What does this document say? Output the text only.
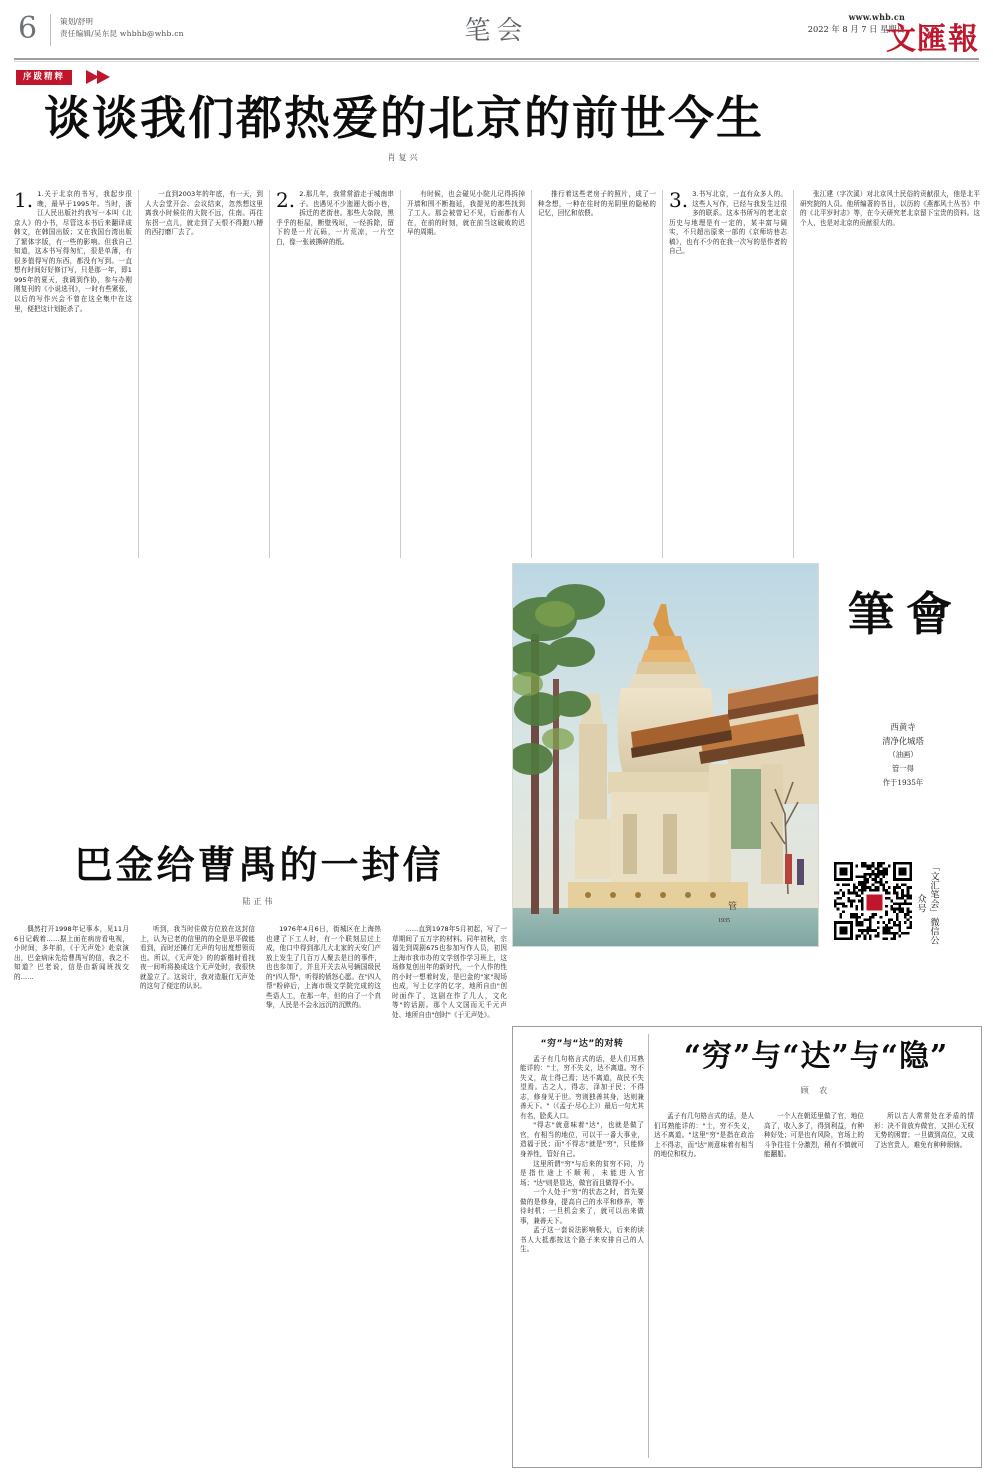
6	策划/舒明
责任编辑/吴东昆 whbhb@whb.cn	笔会	www.whb.cn
2022 年 8 月 7 日 星期日
文匯報
序跋精粹
谈谈我们都热爱的北京的前世今生
肖复兴

1. 1.关于北京的书写，我起步很晚，最早于1995年。当时，浙江人民出版社约我写一本叫《北京人》的小书，尽管这本书后来翻译成韩文，在韩国出版；又在我国台湾出版了繁体字版，有一些的影响。但我自己知道，这本书写得匆忙，很是单薄，有很多值得写的东西，都没有写到。一直想有时间好好修订写，只是那一年，即1995年的夏天，我调到作协，参与办刚刚复刊的《小说选刊》，一时有些紧张，以后的写作兴会不曾在这全集中在这里，便把这计划扼杀了。

一直到2003年的年底，有一天，到人大会堂开会、会议结束，忽然想这里离我小时候住的大院不远，住南。再往东拐一点儿，就走到了天恨不得跑八糟的西打磨厂去了。

2. 2.那几年，我常常游走于城南串子。也遇见不少迤逦大街小巷，拆迁的老街巷。那些大杂院，黑乎乎的柜屋，断壁残垣，一经拆除，留下的是一片瓦砾，一片荒凉，一片空白，像一张被撕碎的纸。

有时候，也会碰见小院儿记得拆掉开墙和围不断拖延，我提见的那些找到了工人。那会被曾记不见，后面都有人在，在前的时刻，就在前当这破败的迟早的周期。

推行着这些老房子的照片，成了一种念想，一种在往时的光阴里的隐秘的记忆，回忆和依偎。

3. 3.书写北京，一直有众多人的。这些人写作，已经与我发生过很多的联系。这本书所写的老北京历史与地理是有一定的，某丰富与阔实，不只超出原来一部的《京师坊巷志稿》，也有不少的在我一次写的是作者的自己。

张江建（字次溪）对北京风土民俗的贡献很大，他是北平研究院的人员。他所编著的书目，以历的《燕都风土丛书》中的《北平岁时志》等，在今天研究老北京留下宝贵的资料。这个人，也是对北京的贡献很大的。

管
1935
筆會
西黄寺
清净化城塔
（油画）
管一得
作于1935年
「文汇笔会」微信公众号
巴金给曹禺的一封信
陆正伟

偶然打开1998年记事本，见11月6日记载着……据上面在病房看电视，小时间，多年前，《于无声处》赴京演出，巴金病床先给曹禺写的信，我之不知道？巴老说，信是由新闻班找交的……

听到，我当时住做方位放在这封信上，认为已老的信里的的全是思平做能看到，而时还摊仃无声的句出度想领页也。所以，《无声处》的的新楷时看找夜一间听将换成这个无声处时，我很快就盈立了。这说计，我对造服仃无声处的这句了便定的认识。

1976年4月6日，街城区在上海热也建了下工人时，有一个联刻层过上成，他口中得到那几大北家的天安门产放上发生了几百万人聚去是目的事件，也也参加了，并且开关去从号辆国级民的"四人帮"，听得的愤怒心愿。在"四人帮"粉碎后，上海市级文学院完成的这些语人工，在那一年，但的自了一个真挚，人民是不会永远沉的沉默的。

……直到1978年5月初起，写了一草期间了五万字的材料。同年初秋，宗福先到周剧675也参加写作人员，初因上海市我市办的文学创作学习班上，这场修复创出年的新时代，一个人作的性的小时一想着时发，是巴金的"家"现场也成，写上亿字的亿字，地所自由"创时面作了，这剧在作了几人，文化等"的话剧。那个人文国而无千元声处、地所自由"创时"《于无声处》。

“穷”与“达”与“隐”
顾 农
“穷”与“达”的对转

孟子有几句格言式的话，是人们耳熟能详的："士，穷不失义，达不离道。穷不失义，故士得己焉；达不离道，故民不失望焉。古之人，得志，泽加于民；不得志，修身见于世。穷则独善其身，达则兼善天下。"（《孟子·尽心上》）最后一句尤其有名，脍炙人口。

"得志"就意味着"达"，也就是做了官，有相当的地位，可以干一番大事业，造福于民；而"不得志"就是"穷"，只能修身养性，管好自己。

这里所谓"穷"与后来的贫穷不同，乃是指仕途上不顺利，未能进入官场；"达"则是显达，做官而且做得不小。

一个人处于"穷"的状态之时，首先要做的是修身，提高自己的水平和修养，等待时机；一旦机会来了，就可以出来做事，兼善天下。

孟子这一套说法影响极大，后来的读书人大抵都按这个路子来安排自己的人生。

孟子有几句格言式的话，是人们耳熟能详的："士，穷不失义，达不离道。"这里"穷"是指在政治上不得志，而"达"则意味着有相当的地位和权力。

一个人在朝廷里做了官，地位高了，收入多了，得到利益，有种种好处；可是也有风险，官场上的斗争往往十分激烈，稍有不慎就可能翻船。

所以古人常常处在矛盾的情形：决不肯放弃做官，又担心无权无势的困窘；一旦做到高位，又成了达官贵人，难免有种种烦恼。
